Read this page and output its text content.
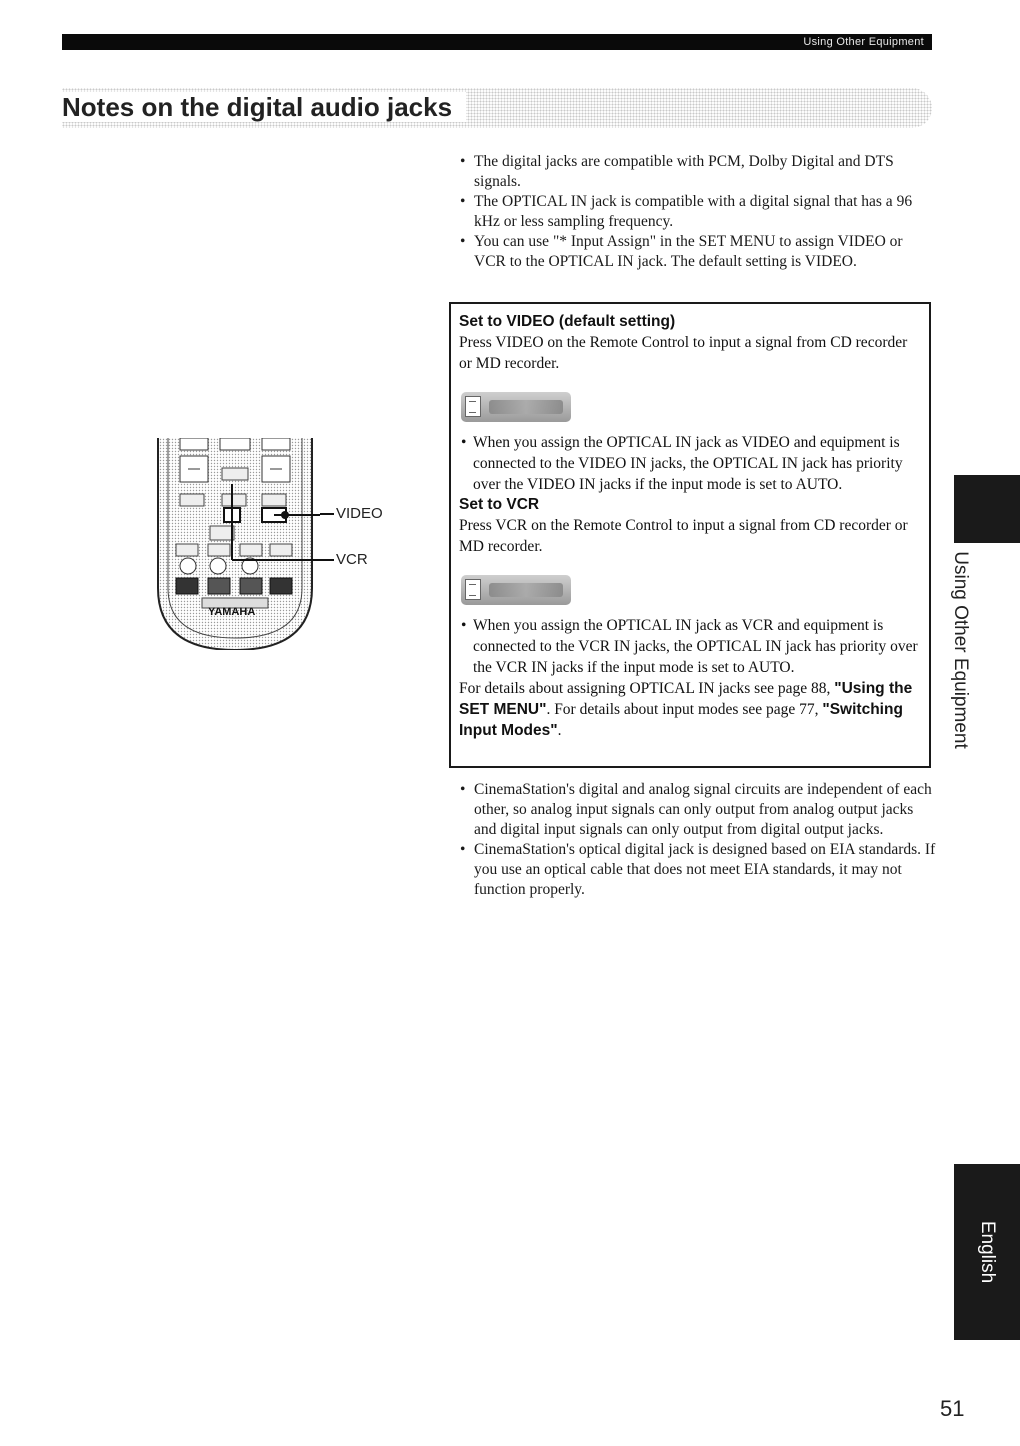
Using Other Equipment
Notes on the digital audio jacks
• The digital jacks are compatible with PCM, Dolby Digital and DTS signals.
• The OPTICAL IN jack is compatible with a digital signal that has a 96 kHz or less sampling frequency.
• You can use "* Input Assign" in the SET MENU to assign VIDEO or VCR to the OPTICAL IN jack. The default setting is VIDEO.
YAMAHA
VIDEO
VCR
Set to VIDEO (default setting)

Press VIDEO on the Remote Control to input a signal from CD recorder or MD recorder.

• When you assign the OPTICAL IN jack as VIDEO and equipment is connected to the VIDEO IN jacks, the OPTICAL IN jack has priority over the VIDEO IN jacks if the input mode is set to AUTO.

Set to VCR

Press VCR on the Remote Control to input a signal from CD recorder or MD recorder.

• When you assign the OPTICAL IN jack as VCR and equipment is connected to the VCR IN jacks, the OPTICAL IN jack has priority over the VCR IN jacks if the input mode is set to AUTO.

For details about assigning OPTICAL IN jacks see page 88, "Using the SET MENU". For details about input modes see page 77, "Switching Input Modes".

• CinemaStation's digital and analog signal circuits are independent of each other, so analog input signals can only output from analog output jacks and digital input signals can only output from digital output jacks.
• CinemaStation's optical digital jack is designed based on EIA standards. If you use an optical cable that does not meet EIA standards, it may not function properly.
Using Other Equipment
English
51
